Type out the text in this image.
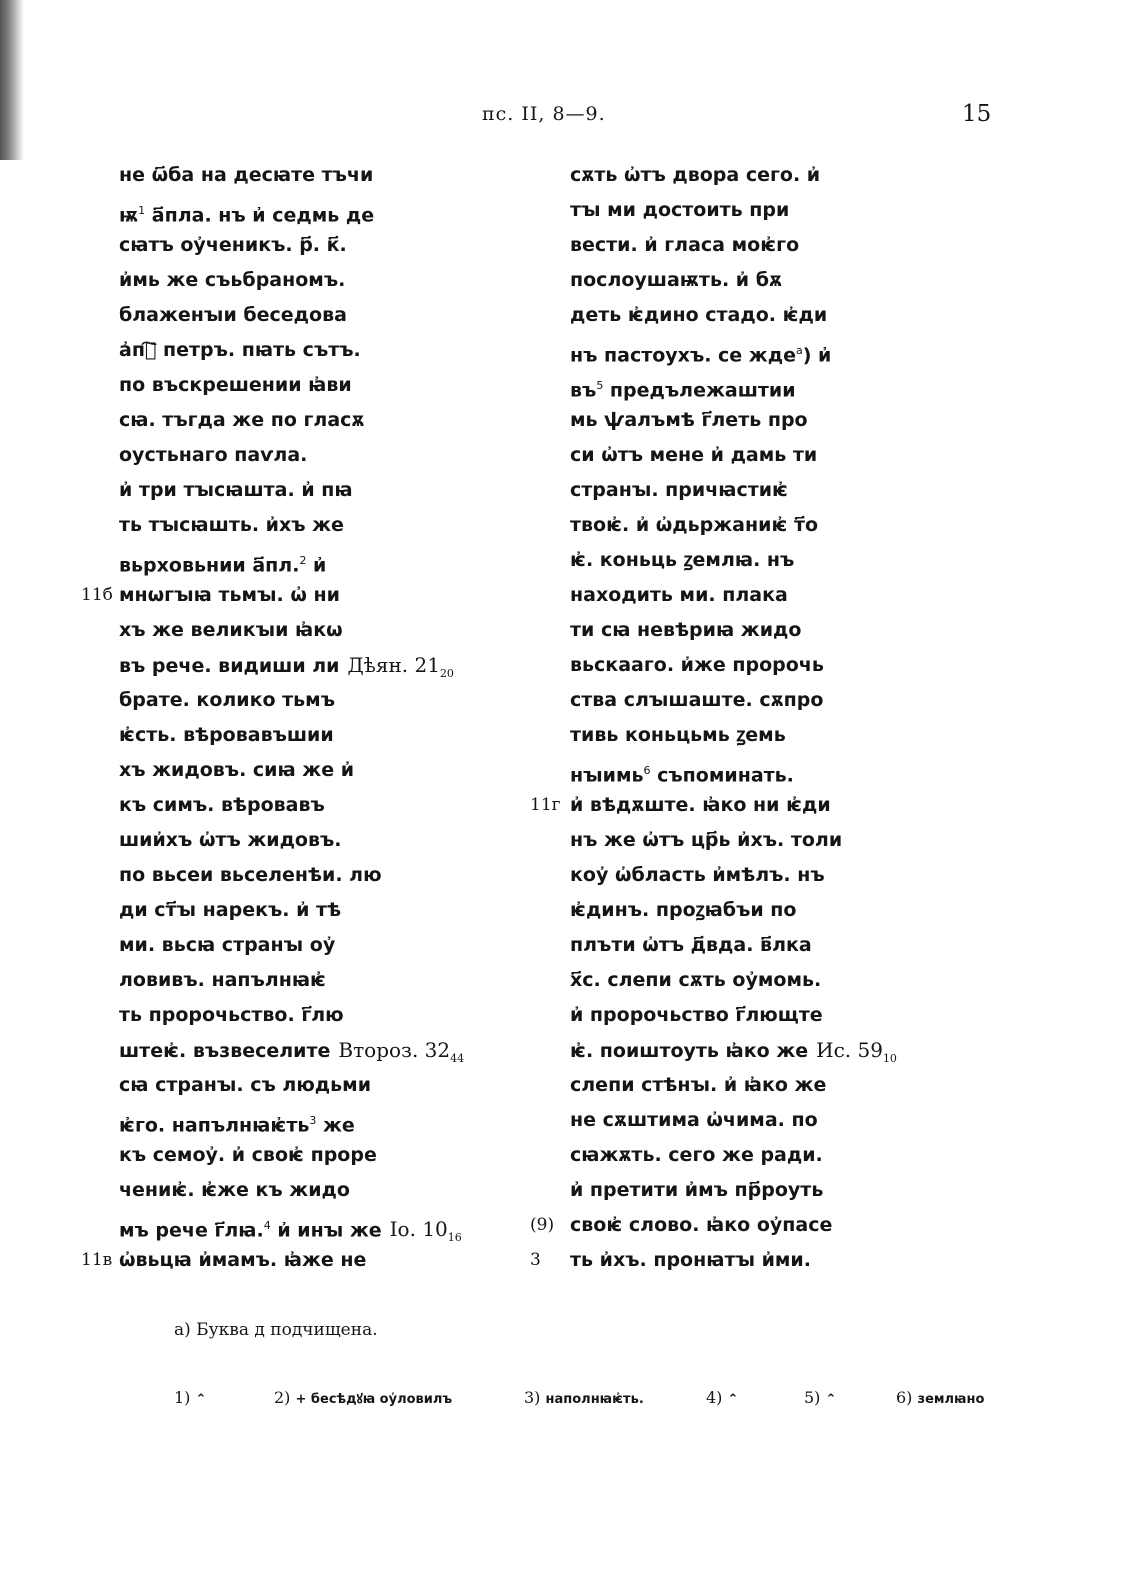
пс. II, 8—9.	15
не ѡ҃ба на десꙗте тъчи
ѭ$^1$ а҃пла. нъ и҆ седмь де
сꙗтъ оу҆ченикъ. р҃. к҃.
и҆мь же съьбраномъ.
блаженꙑи беседова
а҆пⷭ҇ петръ. пꙗть сътъ.
по въскрешении ꙗ҆ви
сꙗ. тъгда же по гласѫ
оустьнаго паѵла.
и҆ три тꙑсꙗшта. и҆ пꙗ
ть тꙑсꙗшть. и҆хъ же
вьрховьнии а҃пл.$^2$ и҆
11б мнѡгꙑꙗ тьмꙑ. ѡ҆ ни
хъ же великꙑи ꙗ҆кѡ
въ рече. видиши ли Дѣян. $21_{20}$
брате. колико тьмъ
ѥ҆сть. вѣровавъшии
хъ жидовъ. сиꙗ же и҆
къ симъ. вѣровавъ
шии҆хъ ѡ҆тъ жидовъ.
по вьсеи вьселенѣи. лю
ди ст҃ꙑ нарекъ. и҆ тѣ
ми. вьсꙗ странꙑ оу҆
ловивъ. напълнꙗѥ҆
ть пророчьство. г҃лю
штеѥ҆. възвеселите Второз. $32_{44}$
сꙗ странꙑ. съ людьми
ѥ҆го. напълнꙗѥ҆ть$^3$ же
къ семоу҆. и҆ своѥ҆ проре
чениѥ҆. ѥ҆же къ жидо
мъ рече г҃лꙗ.$^4$ и҆ инꙑ же Іо. $10_{16}$
11в ѡ҆вьцꙗ и҆мамъ. ꙗ҆же не
сѫть ѡ҆тъ двора сего. и҆
тꙑ ми достоить при
вести. и҆ гласа моѥ҆го
послоушаѭть. и҆ бѫ
деть ѥ҆дино стадо. ѥ҆ди
нъ пастоухъ. се жде$^а$) и҆
въ$^5$ предълежаштии
мь ѱалъмѣ г҃леть про
си ѡ҆тъ мене и҆ дамь ти
странꙑ. причꙗстиѥ҆
твоѥ҆. и҆ ѡ҆дьржаниѥ҆ т҃о
ѥ҆. коньць ꙁемлꙗ. нъ
находить ми. плака
ти сꙗ невѣриꙗ жидо
вьскааго. и҆же пророчь
ства слꙑшаште. сѫпро
тивь коньцьмь ꙁемь
нꙑимь$^6$ съпоминать.
11г и҆ вѣдѫште. ꙗ҆ко ни ѥ҆ди
нъ же ѡ҆тъ цр҃ь и҆хъ. толи
коу҆ ѡ҆бласть и҆мѣлъ. нъ
ѥ҆динъ. проꙁꙗбъи по
плъти ѡ҆тъ д҃вда. в҃лка
х҃с. слепи сѫть оу҆момь.
и҆ пророчьство г҃лющте
ѥ҆. поиштоуть ꙗ҆ко же Ис. $59_{10}$
слепи стѣнꙑ. и҆ ꙗ҆ко же
не сѫштима ѡ҆чима. по
сꙗжѫть. сего же ради.
и҆ претити и҆мъ пр҃роуть
(9) своѥ҆ слово. ꙗ҆ко оу҆пасе
3 ть и҆хъ. пронꙗтꙑ и҆ми.
а) Буква д подчищена.
1) ⌃	2) + бесѣдꙋꙗ оу҆ловилъ	3) наполнꙗѥ҆ть.	4) ⌃	5) ⌃	6) землꙗно
